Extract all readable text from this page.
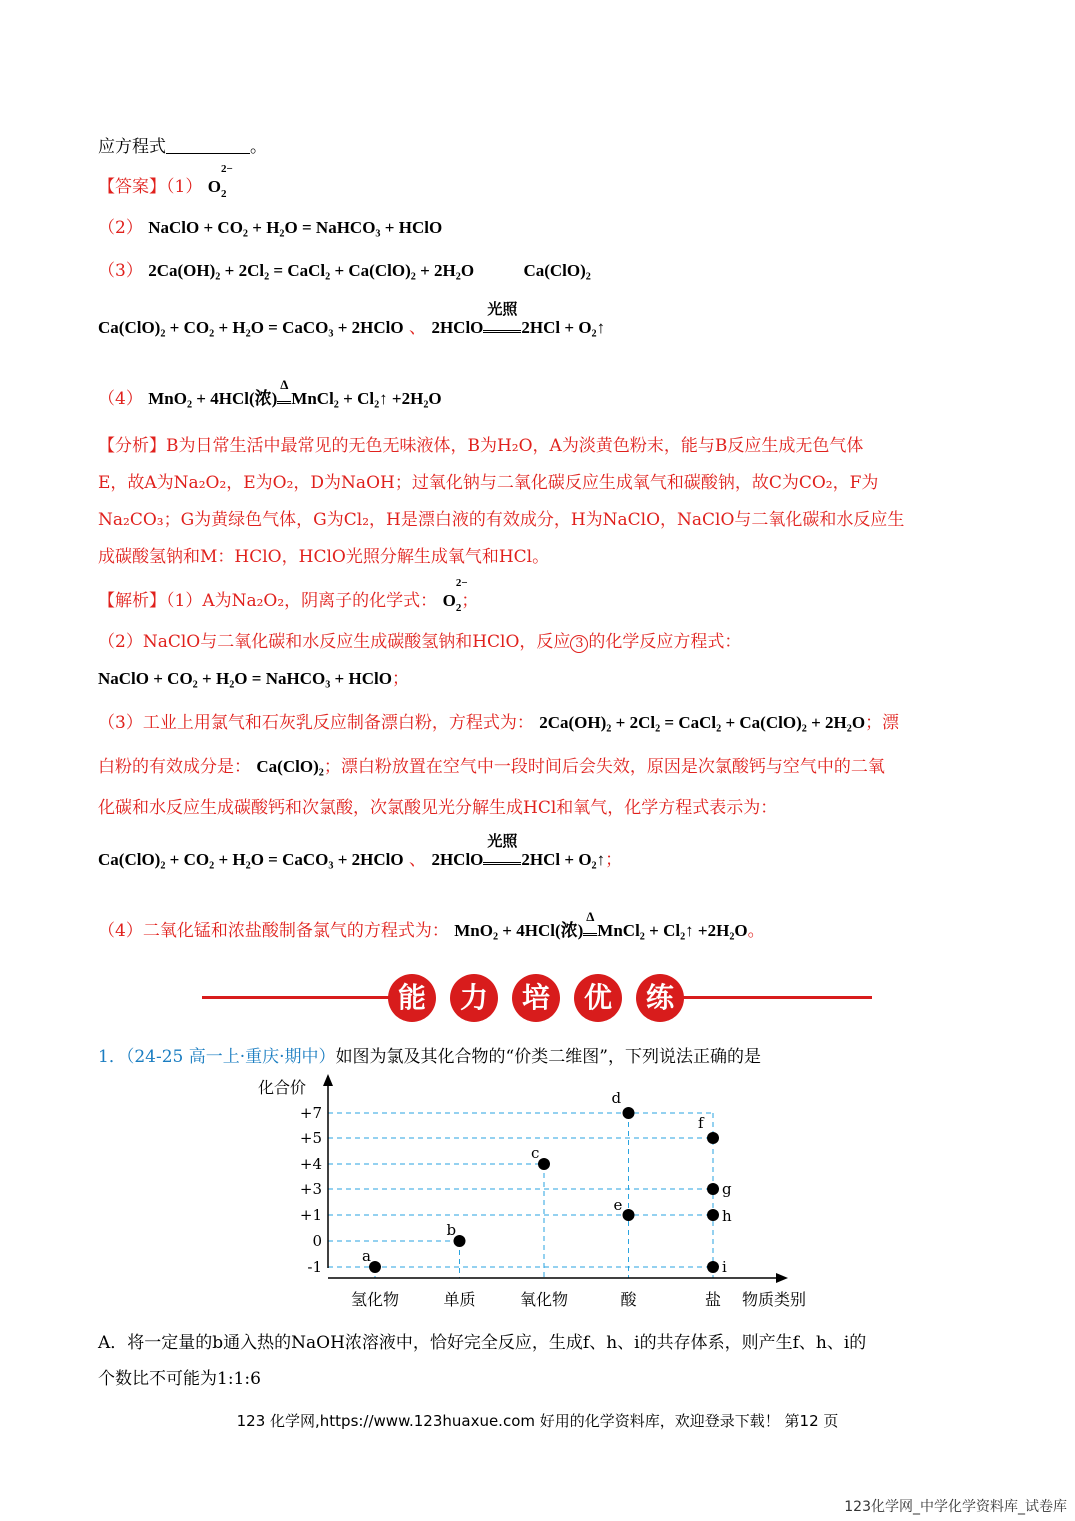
应方程式	。
【答案】（1） $O_2$
2−
（2） NaClO + CO₂ + H₂O = NaHCO₃ + HClO
（3） 2Ca(OH)₂ + 2Cl₂ = CaCl₂ + Ca(ClO)₂ + 2H₂O	Ca(ClO)₂
Ca(ClO)₂ + CO₂ + H₂O = CaCO₃ + 2HClO 、 2HClO
光照
2HCl + O₂↑
（4） MnO₂ + 4HCl(浓)
Δ
MnCl₂ + Cl₂↑ +2H₂O
【分析】B为日常生活中最常见的无色无味液体，B为H₂O，A为淡黄色粉末，能与B反应生成无色气体
E，故A为Na₂O₂，E为O₂，D为NaOH；过氧化钠与二氧化碳反应生成氧气和碳酸钠，故C为CO₂，F为
Na₂CO₃；G为黄绿色气体，G为Cl₂，H是漂白液的有效成分，H为NaClO，NaClO与二氧化碳和水反应生
成碳酸氢钠和M：HClO，HClO光照分解生成氧气和HCl。
【解析】（1）A为Na₂O₂，阴离子的化学式： $O_2$
2−
；
（2）NaClO与二氧化碳和水反应生成碳酸氢钠和HClO，反应 3 的化学反应方程式：
NaClO + CO₂ + H₂O = NaHCO₃ + HClO；
（3）工业上用氯气和石灰乳反应制备漂白粉，方程式为： 2Ca(OH)₂ + 2Cl₂ = CaCl₂ + Ca(ClO)₂ + 2H₂O；漂
白粉的有效成分是： Ca(ClO)₂；漂白粉放置在空气中一段时间后会失效，原因是次氯酸钙与空气中的二氧
化碳和水反应生成碳酸钙和次氯酸，次氯酸见光分解生成HCl和氧气，化学方程式表示为：
Ca(ClO)₂ + CO₂ + H₂O = CaCO₃ + 2HClO 、 2HClO
光照
2HCl + O₂↑；
（4）二氧化锰和浓盐酸制备氯气的方程式为： MnO₂ + 4HCl(浓)
Δ
MnCl₂ + Cl₂↑ +2H₂O。
能	力	培	优	练
1．（24-25 高一上·重庆·期中）如图为氯及其化合物的“价类二维图”，下列说法正确的是
化合价
物质类别
+7
+5
+4
+3
+1
0
-1
氢化物	单质	氧化物	酸	盐
a
b
c
d
e
f
g
h
i
A．将一定量的b通入热的NaOH浓溶液中，恰好完全反应，生成f、h、i的共存体系，则产生f、h、i的
个数比不可能为1:1:6
123 化学网,https://www.123huaxue.com 好用的化学资料库，欢迎登录下载！ 第12 页
123化学网_中学化学资料库_试卷库
